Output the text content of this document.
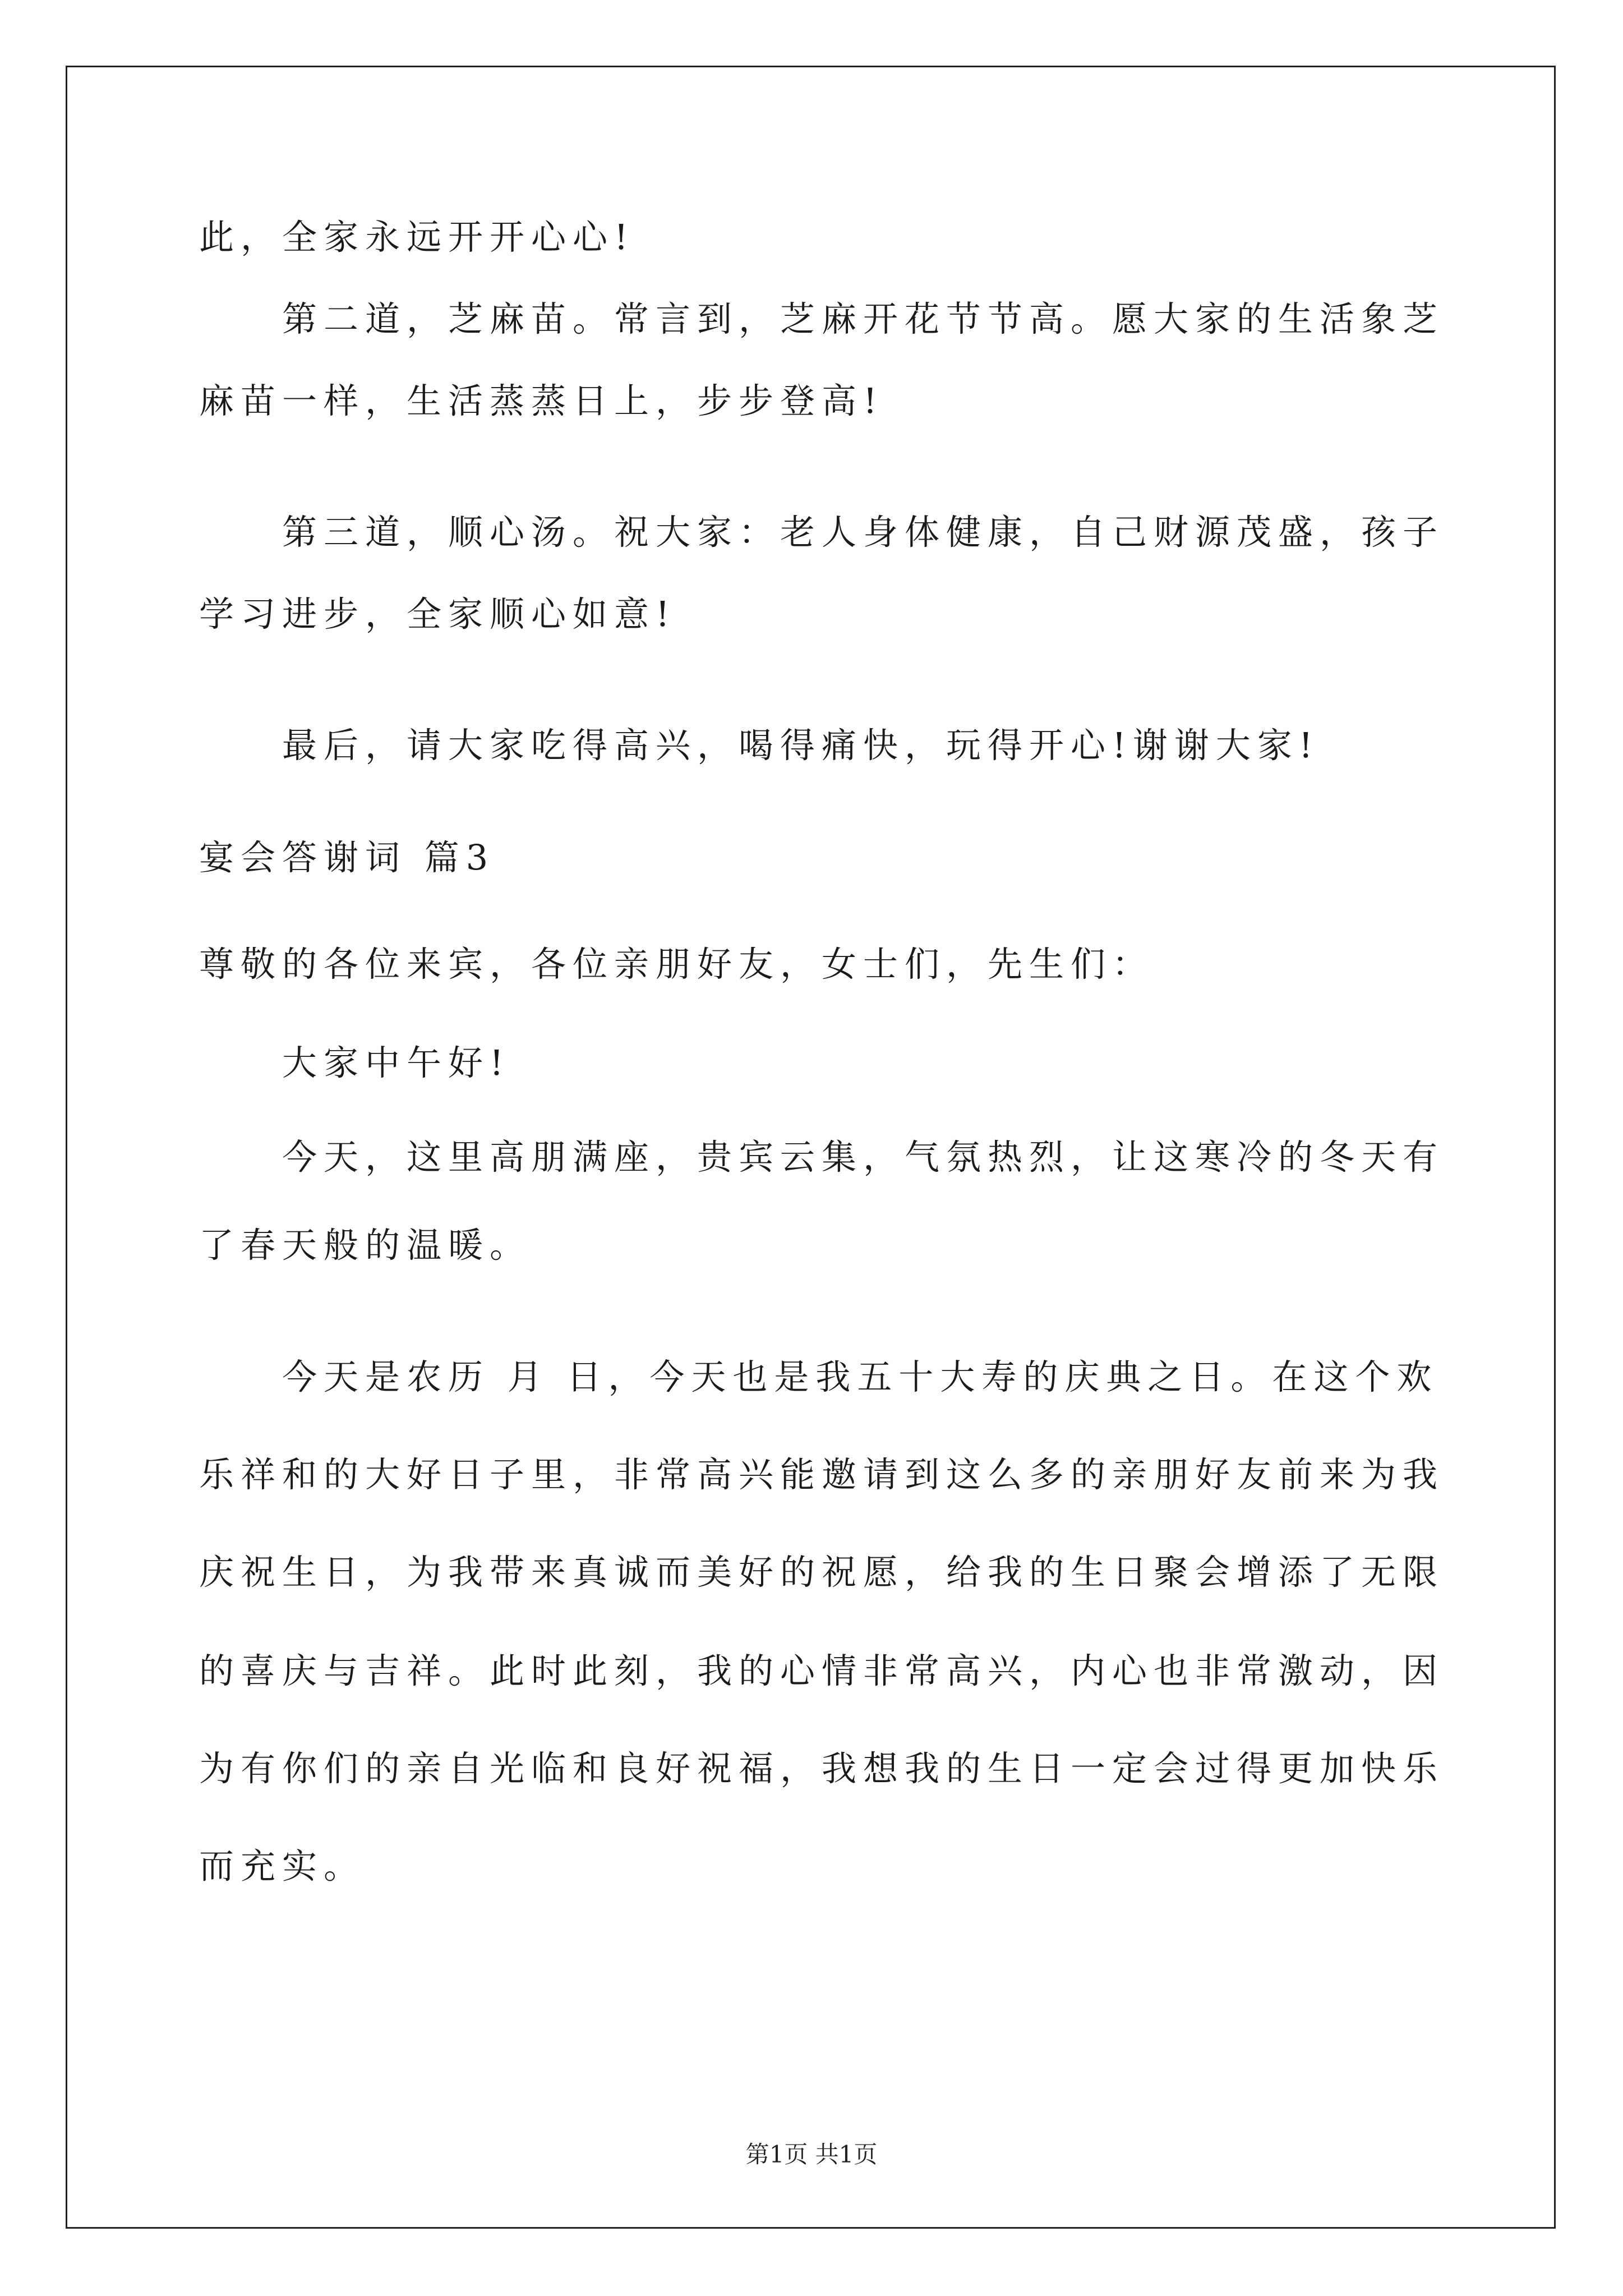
此，全家永远开开心心!
第二道，芝麻苗。常言到，芝麻开花节节高。愿大家的生活象芝
麻苗一样，生活蒸蒸日上，步步登高!
第三道，顺心汤。祝大家：老人身体健康，自己财源茂盛，孩子
学习进步，全家顺心如意!
最后，请大家吃得高兴，喝得痛快，玩得开心!谢谢大家!
宴会答谢词 篇3
尊敬的各位来宾，各位亲朋好友，女士们，先生们：
大家中午好!
今天，这里高朋满座，贵宾云集，气氛热烈，让这寒冷的冬天有
了春天般的温暖。
今天是农历 月 日，今天也是我五十大寿的庆典之日。在这个欢
乐祥和的大好日子里，非常高兴能邀请到这么多的亲朋好友前来为我
庆祝生日，为我带来真诚而美好的祝愿，给我的生日聚会增添了无限
的喜庆与吉祥。此时此刻，我的心情非常高兴，内心也非常激动，因
为有你们的亲自光临和良好祝福，我想我的生日一定会过得更加快乐
而充实。
第1页 共1页
